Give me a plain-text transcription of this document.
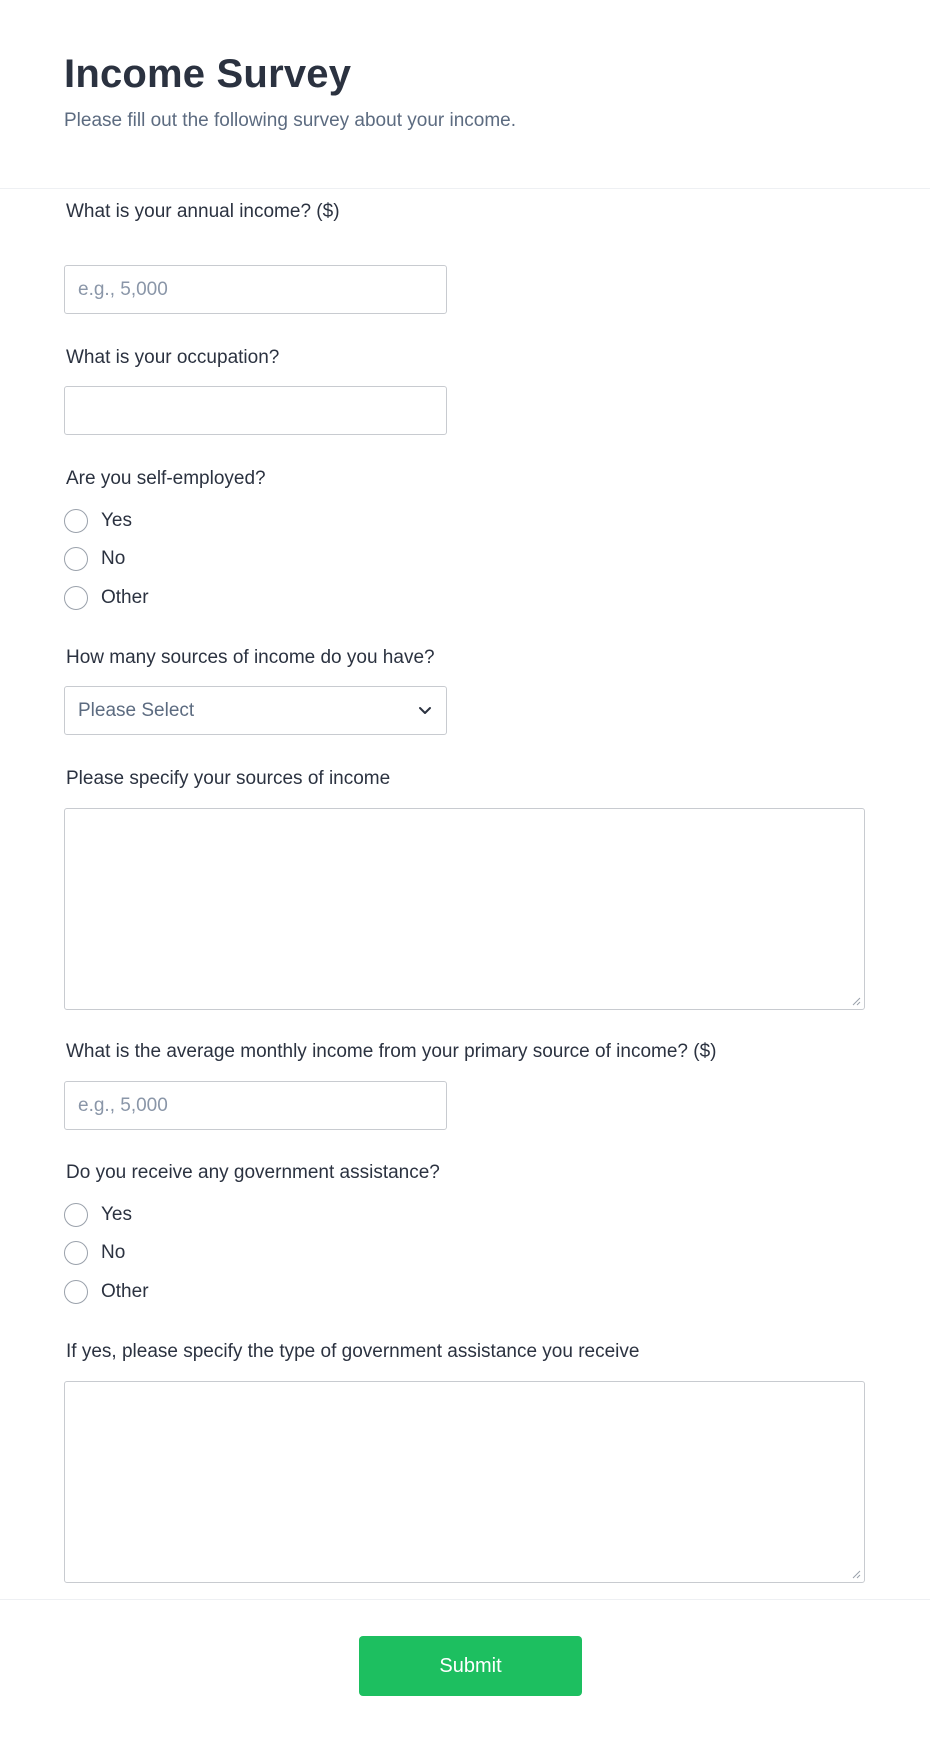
Income Survey

Please fill out the following survey about your income.

What is your annual income? ($)
e.g., 5,000
What is your occupation?
Are you self-employed?
Yes
No
Other
How many sources of income do you have?
Please Select
Please specify your sources of income
What is the average monthly income from your primary source of income? ($)
e.g., 5,000
Do you receive any government assistance?
Yes
No
Other
If yes, please specify the type of government assistance you receive
Submit
